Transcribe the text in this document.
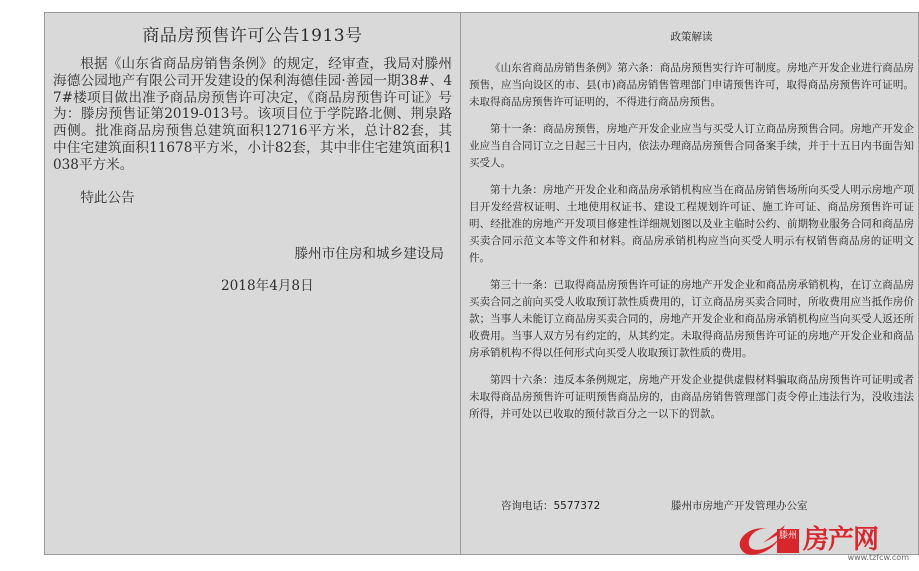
商品房预售许可公告1913号

根据《山东省商品房销售条例》的规定，经审查，我局对滕州海德公园地产有限公司开发建设的保利海德佳园·善园一期38#、47#楼项目做出准予商品房预售许可决定，《商品房预售许可证》号为：滕房预售证第2019-013号。该项目位于学院路北侧、荆泉路西侧。批准商品房预售总建筑面积12716平方米，总计82套，其中住宅建筑面积11678平方米，小计82套，其中非住宅建筑面积1038平方米。

特此公告
滕州市住房和城乡建设局
2018年4月8日
政策解读

《山东省商品房销售条例》第六条：商品房预售实行许可制度。房地产开发企业进行商品房预售，应当向设区的市、县(市)商品房销售管理部门申请预售许可，取得商品房预售许可证明。未取得商品房预售许可证明的，不得进行商品房预售。

第十一条：商品房预售，房地产开发企业应当与买受人订立商品房预售合同。房地产开发企业应当自合同订立之日起三十日内，依法办理商品房预售合同备案手续，并于十五日内书面告知买受人。

第十九条：房地产开发企业和商品房承销机构应当在商品房销售场所向买受人明示房地产项目开发经营权证明、土地使用权证书、建设工程规划许可证、施工许可证、商品房预售许可证明、经批准的房地产开发项目修建性详细规划图以及业主临时公约、前期物业服务合同和商品房买卖合同示范文本等文件和材料。商品房承销机构应当向买受人明示有权销售商品房的证明文件。

第三十一条：已取得商品房预售许可证的房地产开发企业和商品房承销机构，在订立商品房买卖合同之前向买受人收取预订款性质费用的，订立商品房买卖合同时，所收费用应当抵作房价款；当事人未能订立商品房买卖合同的，房地产开发企业和商品房承销机构应当向买受人返还所收费用。当事人双方另有约定的，从其约定。未取得商品房预售许可证的房地产开发企业和商品房承销机构不得以任何形式向买受人收取预订款性质的费用。

第四十六条：违反本条例规定，房地产开发企业提供虚假材料骗取商品房预售许可证明或者未取得商品房预售许可证明预售商品房的，由商品房销售管理部门责令停止违法行为，没收违法所得，并可处以已收取的预付款百分之一以下的罚款。

咨询电话：5577372	滕州市房地产开发管理办公室
滕州 房产网
www.tzfcw.com
